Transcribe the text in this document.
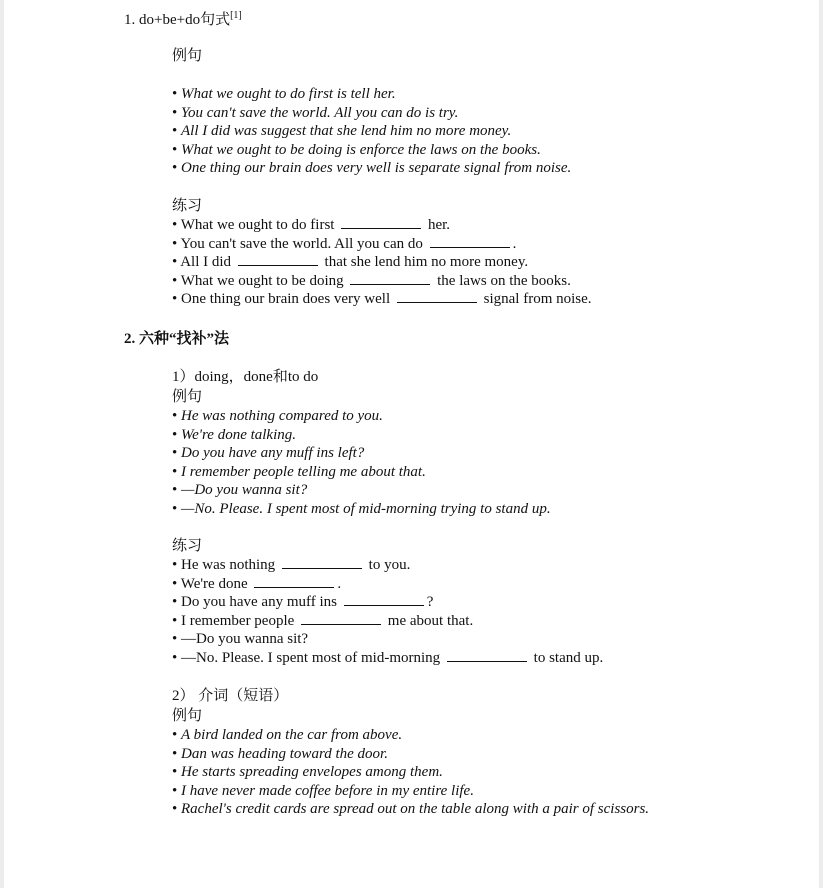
1. do+be+do句式[1]
例句
• What we ought to do first is tell her.
• You can't save the world. All you can do is try.
• All I did was suggest that she lend him no more money.
• What we ought to be doing is enforce the laws on the books.
• One thing our brain does very well is separate signal from noise.
练习
• What we ought to do first	her.
• You can't save the world. All you can do	.
• All I did	that she lend him no more money.
• What we ought to be doing	the laws on the books.
• One thing our brain does very well	signal from noise.
2. 六种“找补”法
1）doing，done和to do
例句
• He was nothing compared to you.
• We're done talking.
• Do you have any muff ins left?
• I remember people telling me about that.
• —Do you wanna sit?
• —No. Please. I spent most of mid-morning trying to stand up.
练习
• He was nothing	to you.
• We're done	.
• Do you have any muff ins	?
• I remember people	me about that.
• —Do you wanna sit?
• —No. Please. I spent most of mid-morning	to stand up.
2） 介词（短语）
例句
• A bird landed on the car from above.
• Dan was heading toward the door.
• He starts spreading envelopes among them.
• I have never made coffee before in my entire life.
• Rachel's credit cards are spread out on the table along with a pair of scissors.
